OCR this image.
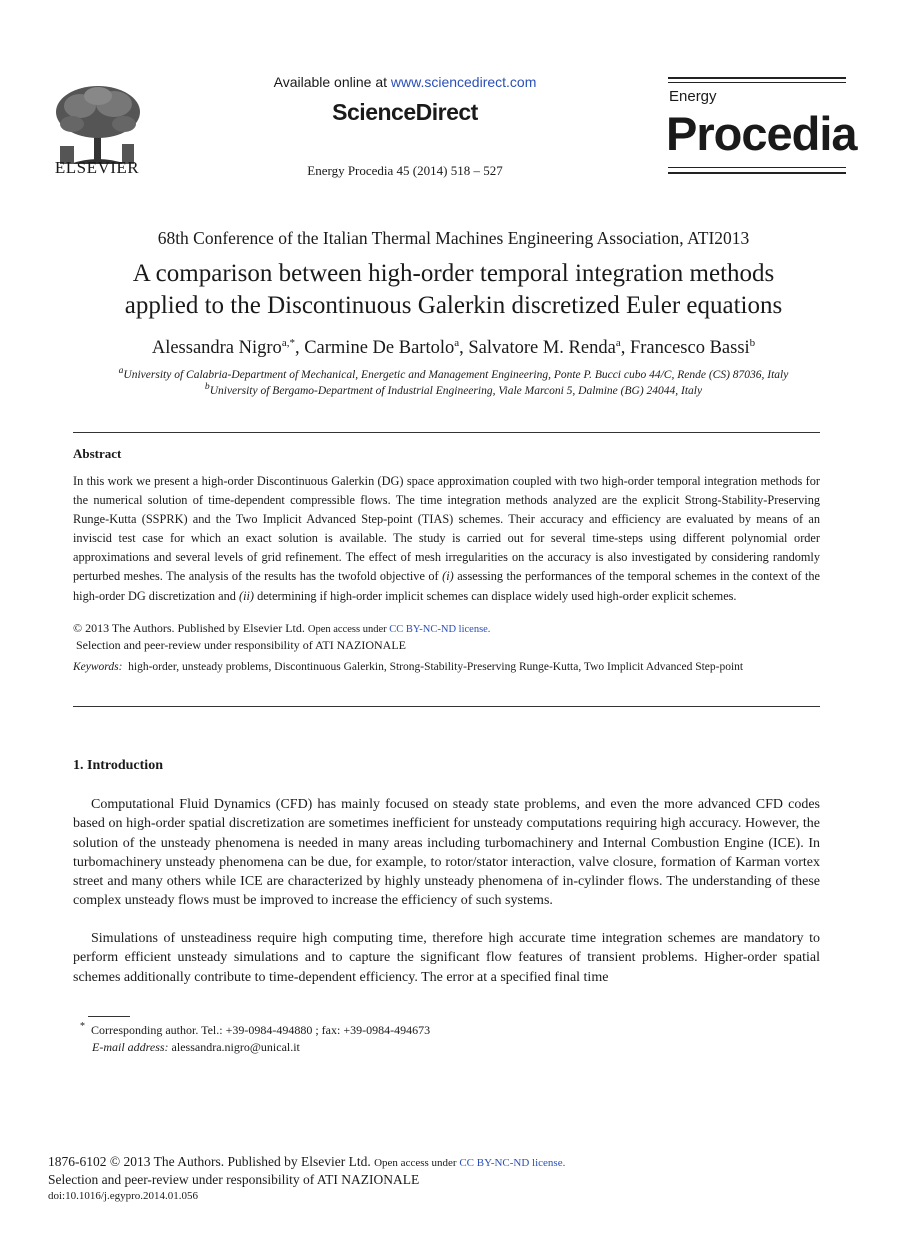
ELSEVIER
Available online at www.sciencedirect.com
ScienceDirect
Energy Procedia 45 (2014) 518 – 527
Energy
Procedia
68th Conference of the Italian Thermal Machines Engineering Association, ATI2013
A comparison between high-order temporal integration methods
applied to the Discontinuous Galerkin discretized Euler equations
Alessandra Nigro$^{a,*}$, Carmine De Bartolo$^a$, Salvatore M. Renda$^a$, Francesco Bassi$^b$
$^a$University of Calabria-Department of Mechanical, Energetic and Management Engineering, Ponte P. Bucci cubo 44/C, Rende (CS) 87036, Italy
$^b$University of Bergamo-Department of Industrial Engineering, Viale Marconi 5, Dalmine (BG) 24044, Italy
Abstract
In this work we present a high-order Discontinuous Galerkin (DG) space approximation coupled with two high-order temporal integration methods for the numerical solution of time-dependent compressible flows. The time integration methods analyzed are the explicit Strong-Stability-Preserving Runge-Kutta (SSPRK) and the Two Implicit Advanced Step-point (TIAS) schemes. Their accuracy and efficiency are evaluated by means of an inviscid test case for which an exact solution is available. The study is carried out for several time-steps using different polynomial order approximations and several levels of grid refinement. The effect of mesh irregularities on the accuracy is also investigated by considering randomly perturbed meshes. The analysis of the results has the twofold objective of (i) assessing the performances of the temporal schemes in the context of the high-order DG discretization and (ii) determining if high-order implicit schemes can displace widely used high-order explicit schemes.
© 2013 The Authors. Published by Elsevier Ltd. Open access under CC BY-NC-ND license.
Selection and peer-review under responsibility of ATI NAZIONALE
Keywords: high-order, unsteady problems, Discontinuous Galerkin, Strong-Stability-Preserving Runge-Kutta, Two Implicit Advanced Step-point
1. Introduction
Computational Fluid Dynamics (CFD) has mainly focused on steady state problems, and even the more advanced CFD codes based on high-order spatial discretization are sometimes inefficient for unsteady computations requiring high accuracy. However, the solution of the unsteady phenomena is needed in many areas including turbomachinery and Internal Combustion Engine (ICE). In turbomachinery unsteady phenomena can be due, for example, to rotor/stator interaction, valve closure, formation of Karman vortex street and many others while ICE are characterized by highly unsteady phenomena of in-cylinder flows. The understanding of these complex unsteady flows must be improved to increase the efficiency of such systems.
Simulations of unsteadiness require high computing time, therefore high accurate time integration schemes are mandatory to perform efficient unsteady simulations and to capture the significant flow features of transient problems. Higher-order spatial schemes additionally contribute to time-dependent efficiency. The error at a specified final time
* Corresponding author. Tel.: +39-0984-494880 ; fax: +39-0984-494673
E-mail address: alessandra.nigro@unical.it
1876-6102 © 2013 The Authors. Published by Elsevier Ltd. Open access under CC BY-NC-ND license.
Selection and peer-review under responsibility of ATI NAZIONALE
doi:10.1016/j.egypro.2014.01.056
